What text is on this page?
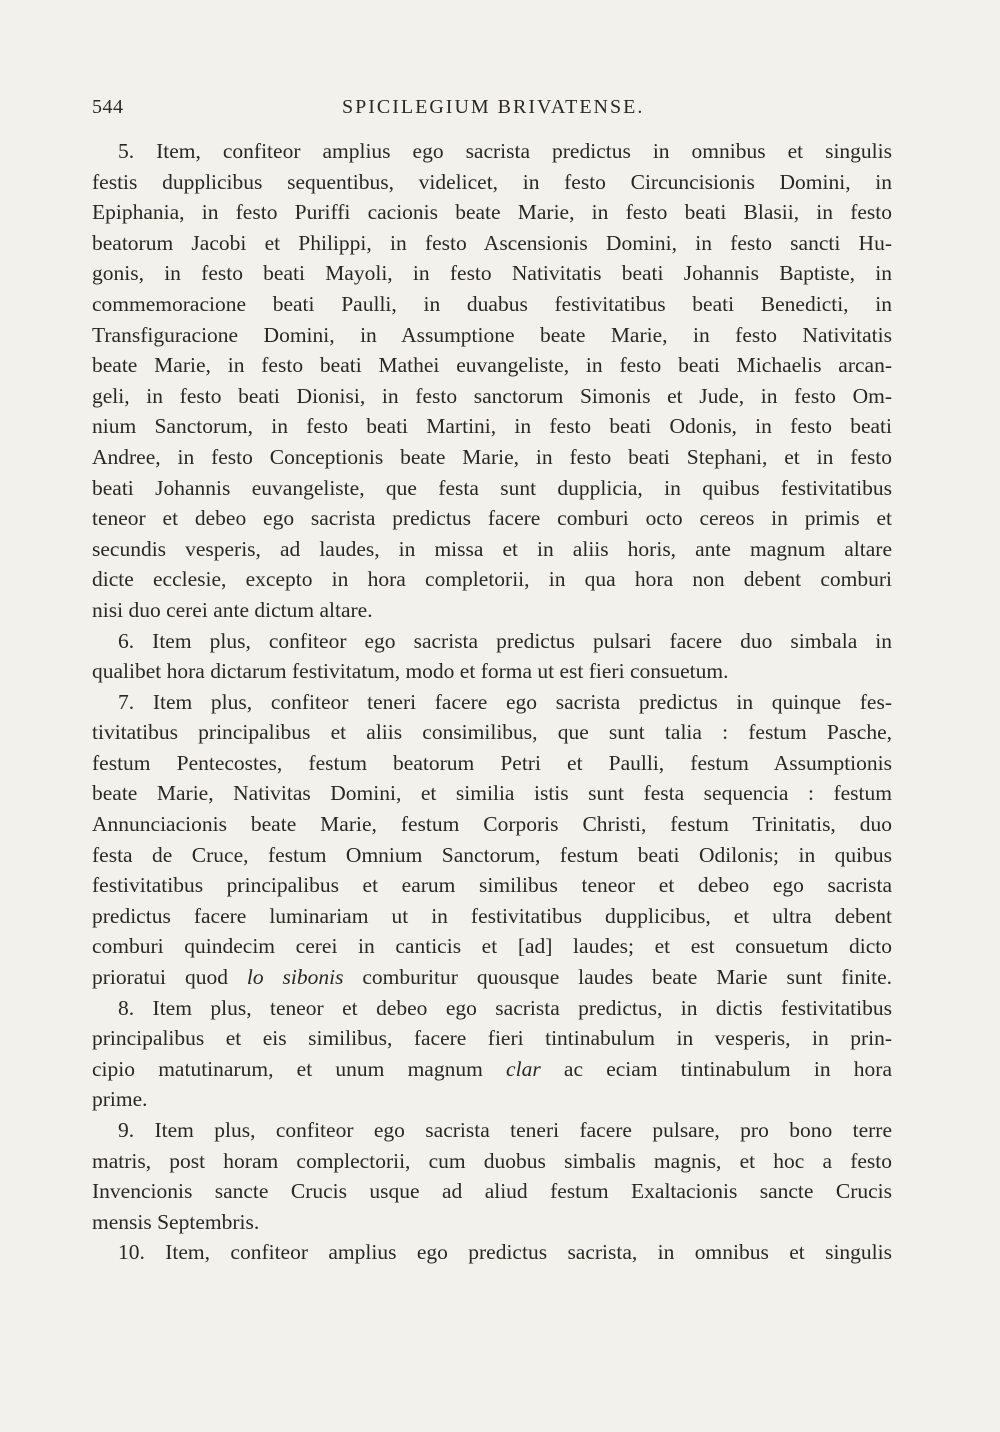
544	SPICILEGIUM BRIVATENSE.
5. Item, confiteor amplius ego sacrista predictus in omnibus et singulis
festis dupplicibus sequentibus, videlicet, in festo Circuncisionis Domini, in
Epiphania, in festo Puriffi cacionis beate Marie, in festo beati Blasii, in festo
beatorum Jacobi et Philippi, in festo Ascensionis Domini, in festo sancti Hu-
gonis, in festo beati Mayoli, in festo Nativitatis beati Johannis Baptiste, in
commemoracione beati Paulli, in duabus festivitatibus beati Benedicti, in
Transfiguracione Domini, in Assumptione beate Marie, in festo Nativitatis
beate Marie, in festo beati Mathei euvangeliste, in festo beati Michaelis arcan-
geli, in festo beati Dionisi, in festo sanctorum Simonis et Jude, in festo Om-
nium Sanctorum, in festo beati Martini, in festo beati Odonis, in festo beati
Andree, in festo Conceptionis beate Marie, in festo beati Stephani, et in festo
beati Johannis euvangeliste, que festa sunt dupplicia, in quibus festivitatibus
teneor et debeo ego sacrista predictus facere comburi octo cereos in primis et
secundis vesperis, ad laudes, in missa et in aliis horis, ante magnum altare
dicte ecclesie, excepto in hora completorii, in qua hora non debent comburi
nisi duo cerei ante dictum altare.
6. Item plus, confiteor ego sacrista predictus pulsari facere duo simbala in
qualibet hora dictarum festivitatum, modo et forma ut est fieri consuetum.
7. Item plus, confiteor teneri facere ego sacrista predictus in quinque fes-
tivitatibus principalibus et aliis consimilibus, que sunt talia : festum Pasche,
festum Pentecostes, festum beatorum Petri et Paulli, festum Assumptionis
beate Marie, Nativitas Domini, et similia istis sunt festa sequencia : festum
Annunciacionis beate Marie, festum Corporis Christi, festum Trinitatis, duo
festa de Cruce, festum Omnium Sanctorum, festum beati Odilonis; in quibus
festivitatibus principalibus et earum similibus teneor et debeo ego sacrista
predictus facere luminariam ut in festivitatibus dupplicibus, et ultra debent
comburi quindecim cerei in canticis et [ad] laudes; et est consuetum dicto
prioratui quod lo sibonis comburitur quousque laudes beate Marie sunt finite.
8. Item plus, teneor et debeo ego sacrista predictus, in dictis festivitatibus
principalibus et eis similibus, facere fieri tintinabulum in vesperis, in prin-
cipio matutinarum, et unum magnum clar ac eciam tintinabulum in hora
prime.
9. Item plus, confiteor ego sacrista teneri facere pulsare, pro bono terre
matris, post horam complectorii, cum duobus simbalis magnis, et hoc a festo
Invencionis sancte Crucis usque ad aliud festum Exaltacionis sancte Crucis
mensis Septembris.
10. Item, confiteor amplius ego predictus sacrista, in omnibus et singulis
